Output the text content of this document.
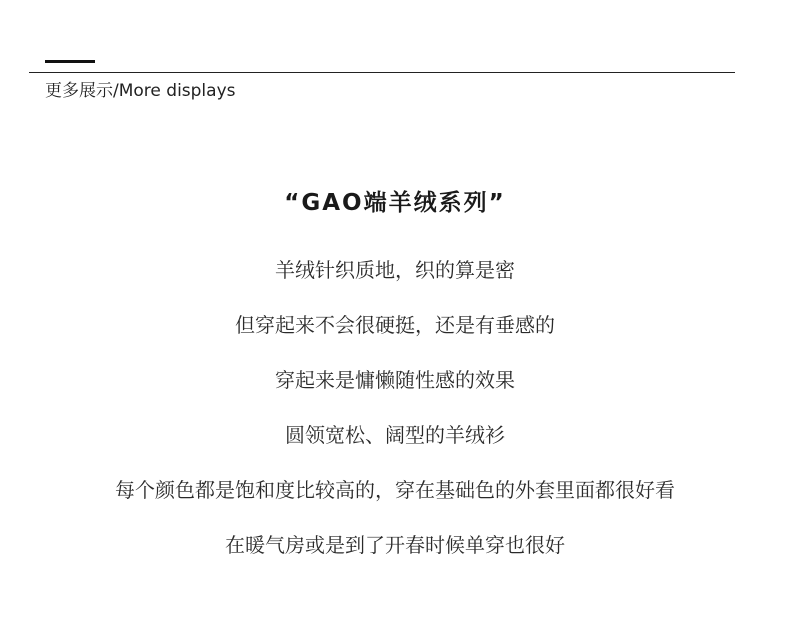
更多展示/More displays
“GAO端羊绒系列”
羊绒针织质地，织的算是密
但穿起来不会很硬挺，还是有垂感的
穿起来是慵懒随性感的效果
圆领宽松、阔型的羊绒衫
每个颜色都是饱和度比较高的，穿在基础色的外套里面都很好看
在暖气房或是到了开春时候单穿也很好
